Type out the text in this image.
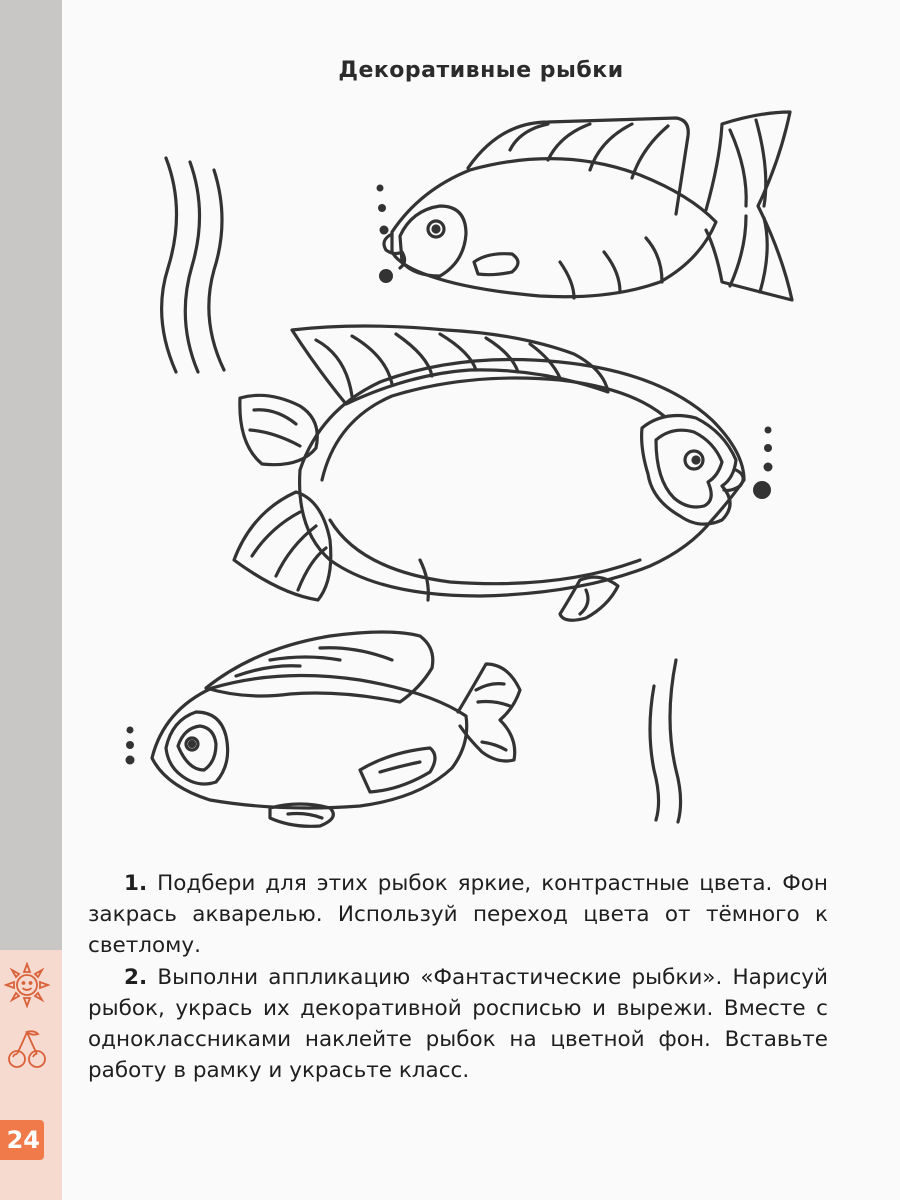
24
Декоративные рыбки

1. Подбери для этих рыбок яркие, контрастные цвета. Фон закрась акварелью. Используй переход цвета от тёмного к светлому.

2. Выполни аппликацию «Фантастические рыбки». Нарисуй рыбок, укрась их декоративной росписью и вырежи. Вместе с одноклассниками наклейте рыбок на цветной фон. Вставьте работу в рамку и украсьте класс.
